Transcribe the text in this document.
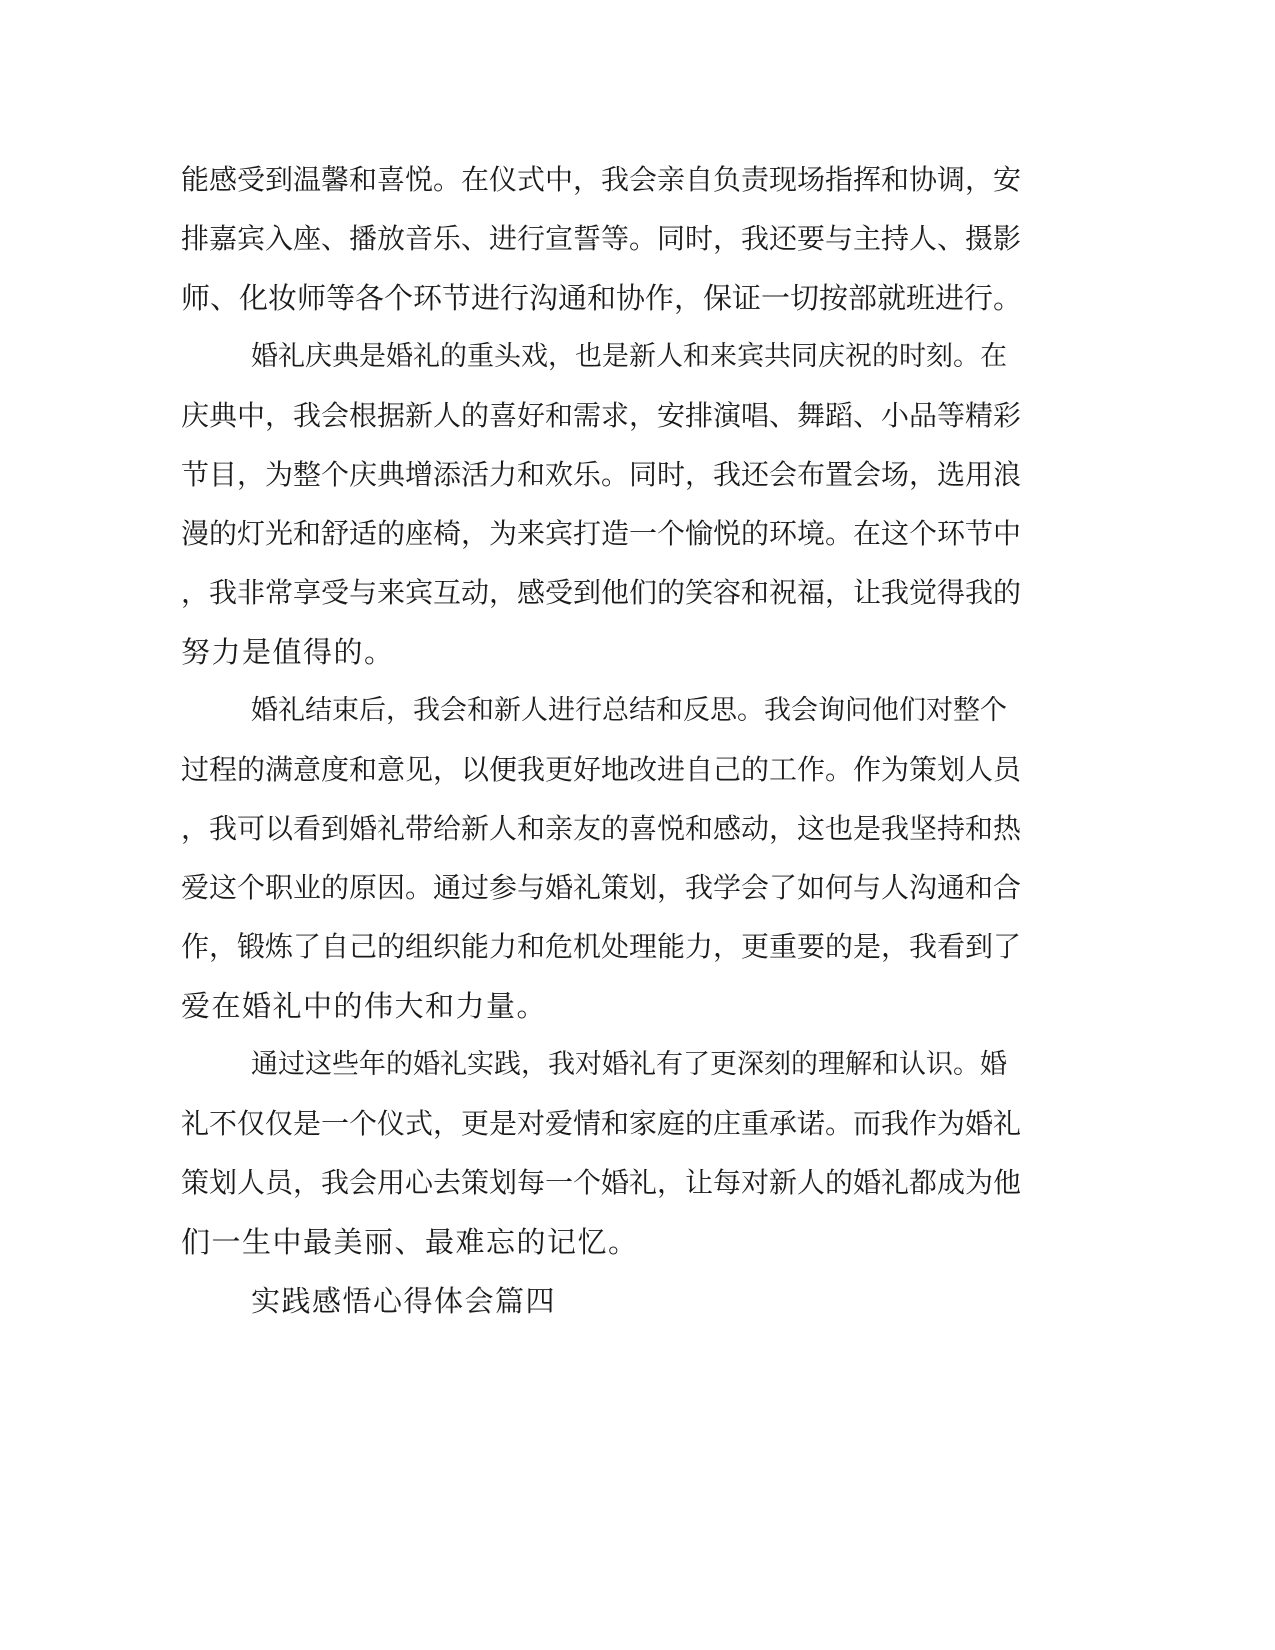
能感受到温馨和喜悦。在仪式中，我会亲自负责现场指挥和协调，安
排嘉宾入座、播放音乐、进行宣誓等。同时，我还要与主持人、摄影
师、化妆师等各个环节进行沟通和协作，保证一切按部就班进行。
婚礼庆典是婚礼的重头戏，也是新人和来宾共同庆祝的时刻。在
庆典中，我会根据新人的喜好和需求，安排演唱、舞蹈、小品等精彩
节目，为整个庆典增添活力和欢乐。同时，我还会布置会场，选用浪
漫的灯光和舒适的座椅，为来宾打造一个愉悦的环境。在这个环节中
，我非常享受与来宾互动，感受到他们的笑容和祝福，让我觉得我的
努力是值得的。
婚礼结束后，我会和新人进行总结和反思。我会询问他们对整个
过程的满意度和意见，以便我更好地改进自己的工作。作为策划人员
，我可以看到婚礼带给新人和亲友的喜悦和感动，这也是我坚持和热
爱这个职业的原因。通过参与婚礼策划，我学会了如何与人沟通和合
作，锻炼了自己的组织能力和危机处理能力，更重要的是，我看到了
爱在婚礼中的伟大和力量。
通过这些年的婚礼实践，我对婚礼有了更深刻的理解和认识。婚
礼不仅仅是一个仪式，更是对爱情和家庭的庄重承诺。而我作为婚礼
策划人员，我会用心去策划每一个婚礼，让每对新人的婚礼都成为他
们一生中最美丽、最难忘的记忆。
实践感悟心得体会篇四
